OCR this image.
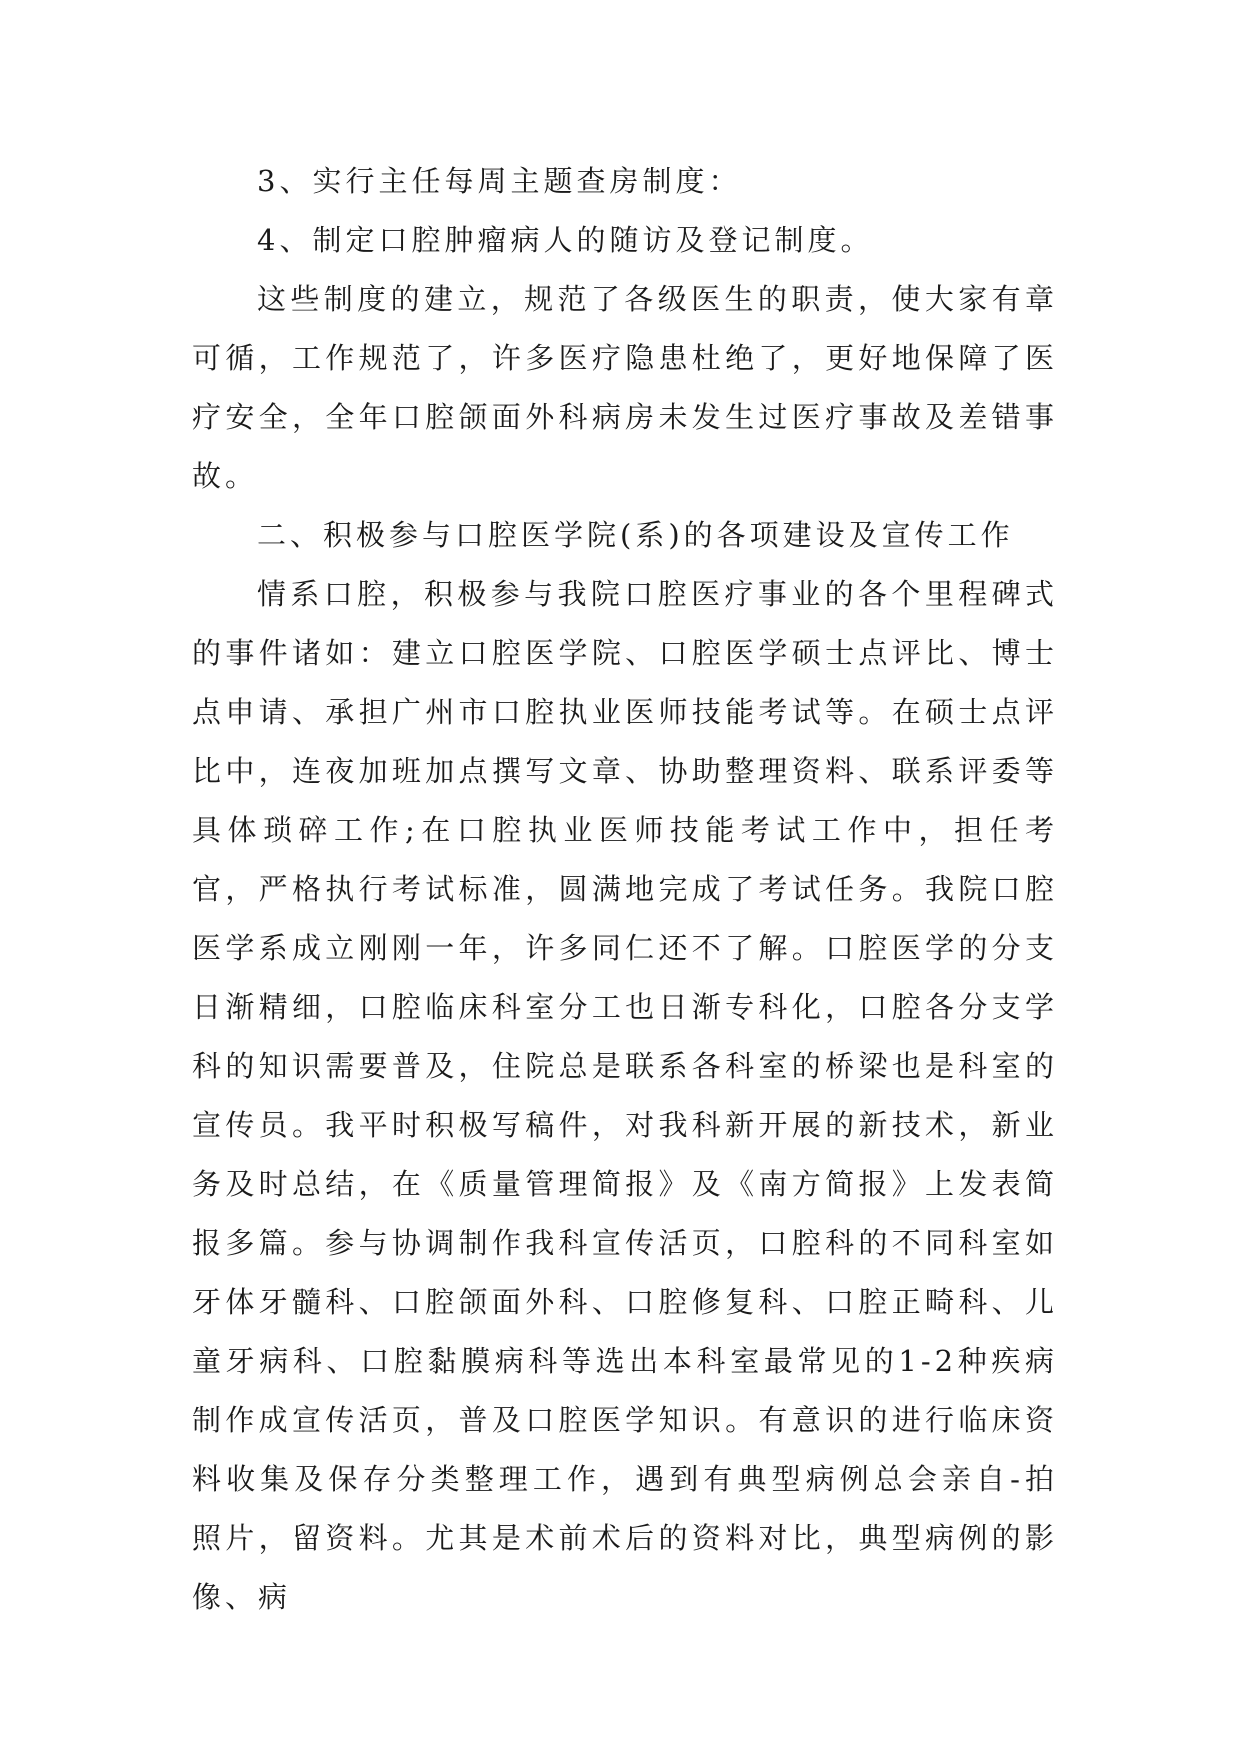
3、实行主任每周主题查房制度：

4、制定口腔肿瘤病人的随访及登记制度。

这些制度的建立，规范了各级医生的职责，使大家有章可循，工作规范了，许多医疗隐患杜绝了，更好地保障了医疗安全，全年口腔颌面外科病房未发生过医疗事故及差错事故。

二、积极参与口腔医学院(系)的各项建设及宣传工作

情系口腔，积极参与我院口腔医疗事业的各个里程碑式的事件诸如：建立口腔医学院、口腔医学硕士点评比、博士点申请、承担广州市口腔执业医师技能考试等。在硕士点评比中，连夜加班加点撰写文章、协助整理资料、联系评委等具体琐碎工作;在口腔执业医师技能考试工作中，担任考官，严格执行考试标准，圆满地完成了考试任务。我院口腔医学系成立刚刚一年，许多同仁还不了解。口腔医学的分支日渐精细，口腔临床科室分工也日渐专科化，口腔各分支学科的知识需要普及，住院总是联系各科室的桥梁也是科室的宣传员。我平时积极写稿件，对我科新开展的新技术，新业务及时总结，在《质量管理简报》及《南方简报》上发表简报多篇。参与协调制作我科宣传活页，口腔科的不同科室如牙体牙髓科、口腔颌面外科、口腔修复科、口腔正畸科、儿童牙病科、口腔黏膜病科等选出本科室最常见的1-2种疾病制作成宣传活页，普及口腔医学知识。有意识的进行临床资料收集及保存分类整理工作，遇到有典型病例总会亲自-拍照片，留资料。尤其是术前术后的资料对比，典型病例的影像、病
